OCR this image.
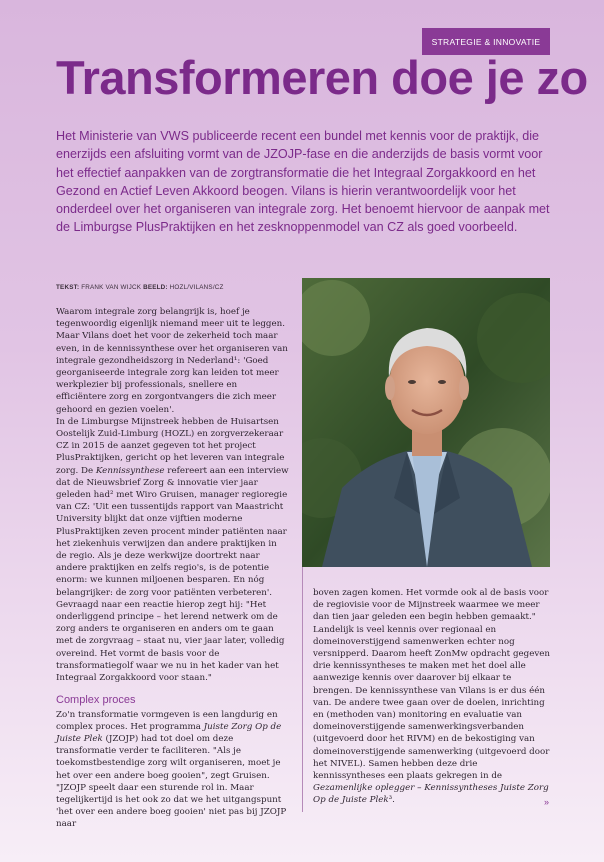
STRATEGIE & INNOVATIE
Transformeren doe je zo

Het Ministerie van VWS publiceerde recent een bundel met kennis voor de praktijk, die enerzijds een afsluiting vormt van de JZOJP-fase en die anderzijds de basis vormt voor het effectief aanpakken van de zorgtransformatie die het Integraal Zorgakkoord en het Gezond en Actief Leven Akkoord beogen. Vilans is hierin verantwoordelijk voor het onderdeel over het organiseren van integrale zorg. Het benoemt hiervoor de aanpak met de Limburgse PlusPraktijken en het zesknoppenmodel van CZ als goed voorbeeld.

TEKST: FRANK VAN WIJCK BEELD: HOZL/VILANS/CZ

Waarom integrale zorg belangrijk is, hoef je tegenwoordig eigenlijk niemand meer uit te leggen. Maar Vilans doet het voor de zekerheid toch maar even, in de kennissynthese over het organiseren van integrale gezondheidszorg in Nederland¹: 'Goed georganiseerde integrale zorg kan leiden tot meer werkplezier bij professionals, snellere en efficiëntere zorg en zorgontvangers die zich meer gehoord en gezien voelen'.

In de Limburgse Mijnstreek hebben de Huisartsen Oostelijk Zuid-Limburg (HOZL) en zorgverzekeraar CZ in 2015 de aanzet gegeven tot het project PlusPraktijken, gericht op het leveren van integrale zorg. De Kennissynthese refereert aan een interview dat de Nieuwsbrief Zorg & innovatie vier jaar geleden had² met Wiro Gruisen, manager regioregie van CZ: 'Uit een tussentijds rapport van Maastricht University blijkt dat onze vijftien moderne PlusPraktijken zeven procent minder patiënten naar het ziekenhuis verwijzen dan andere praktijken in de regio. Als je deze werkwijze doortrekt naar andere praktijken en zelfs regio's, is de potentie enorm: we kunnen miljoenen besparen. En nóg belangrijker: de zorg voor patiënten verbeteren'. Gevraagd naar een reactie hierop zegt hij: "Het onderliggend principe – het lerend netwerk om de zorg anders te organiseren en anders om te gaan met de zorgvraag – staat nu, vier jaar later, volledig overeind. Het vormt de basis voor de transformatiegolf waar we nu in het kader van het Integraal Zorgakkoord voor staan."

Complex proces

Zo'n transformatie vormgeven is een langdurig en complex proces. Het programma Juiste Zorg Op de Juiste Plek (JZOJP) had tot doel om deze transformatie verder te faciliteren. "Als je toekomstbestendige zorg wilt organiseren, moet je het over een andere boeg gooien", zegt Gruisen. "JZOJP speelt daar een sturende rol in. Maar tegelijkertijd is het ook zo dat we het uitgangspunt 'het over een andere boeg gooien' niet pas bij JZOJP naar

boven zagen komen. Het vormde ook al de basis voor de regiovisie voor de Mijnstreek waarmee we meer dan tien jaar geleden een begin hebben gemaakt."

Landelijk is veel kennis over regionaal en domeinoverstijgend samenwerken echter nog versnipperd. Daarom heeft ZonMw opdracht gegeven drie kennissyntheses te maken met het doel alle aanwezige kennis over daarover bij elkaar te brengen. De kennissynthese van Vilans is er dus één van. De andere twee gaan over de doelen, inrichting en (methoden van) monitoring en evaluatie van domeinoverstijgende samenwerkingsverbanden (uitgevoerd door het RIVM) en de bekostiging van domeinoverstijgende samenwerking (uitgevoerd door het NIVEL). Samen hebben deze drie kennissyntheses een plaats gekregen in de Gezamenlijke oplegger – Kennissyntheses Juiste Zorg Op de Juiste Plek³.	»
